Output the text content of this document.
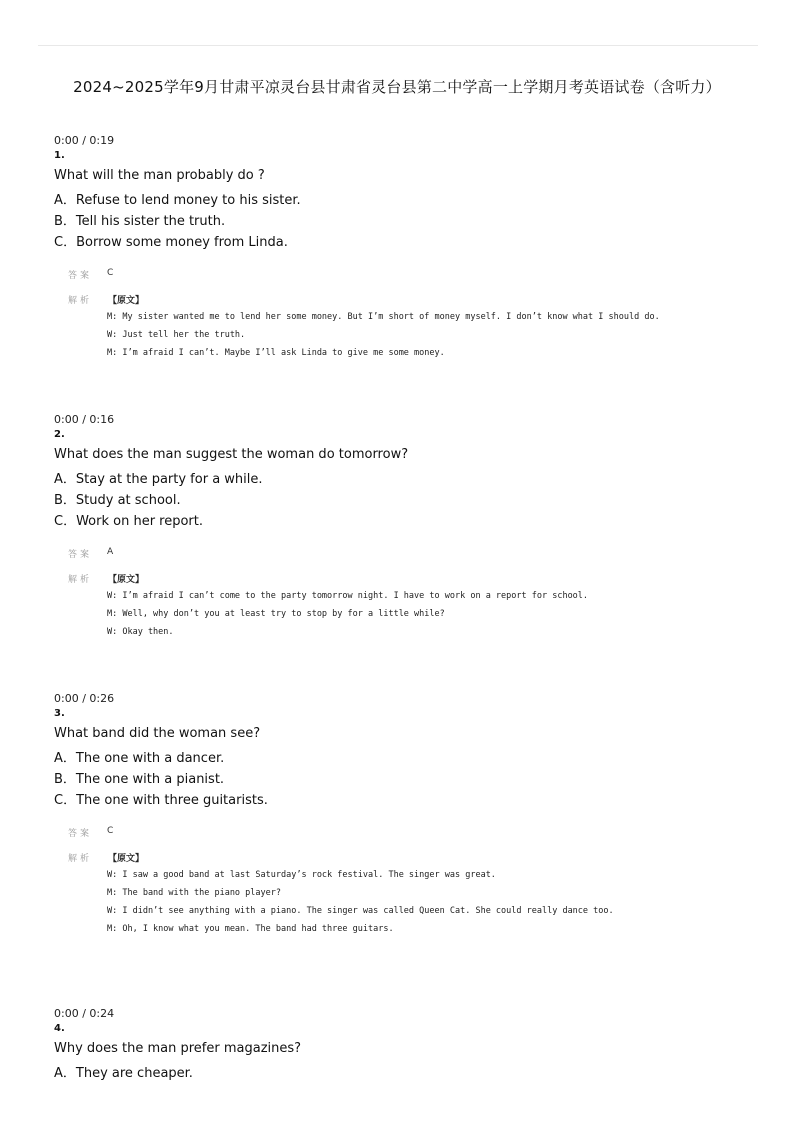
2024~2025学年9月甘肃平凉灵台县甘肃省灵台县第二中学高一上学期月考英语试卷（含听力）
0:00 / 0:19
1.
What will the man probably do ?
A．Refuse to lend money to his sister.
B．Tell his sister the truth.
C．Borrow some money from Linda.
答案 C
解析 【原文】
M: My sister wanted me to lend her some money. But I’m short of money myself. I don’t know what I should do.
W: Just tell her the truth.
M: I’m afraid I can’t. Maybe I’ll ask Linda to give me some money.
0:00 / 0:16
2.
What does the man suggest the woman do tomorrow?
A．Stay at the party for a while.
B．Study at school.
C．Work on her report.
答案 A
解析 【原文】
W: I’m afraid I can’t come to the party tomorrow night. I have to work on a report for school.
M: Well, why don’t you at least try to stop by for a little while?
W: Okay then.
0:00 / 0:26
3.
What band did the woman see?
A．The one with a dancer.
B．The one with a pianist.
C．The one with three guitarists.
答案 C
解析 【原文】
W: I saw a good band at last Saturday’s rock festival. The singer was great.
M: The band with the piano player?
W: I didn’t see anything with a piano. The singer was called Queen Cat. She could really dance too.
M: Oh, I know what you mean. The band had three guitars.
0:00 / 0:24
4.
Why does the man prefer magazines?
A．They are cheaper.
